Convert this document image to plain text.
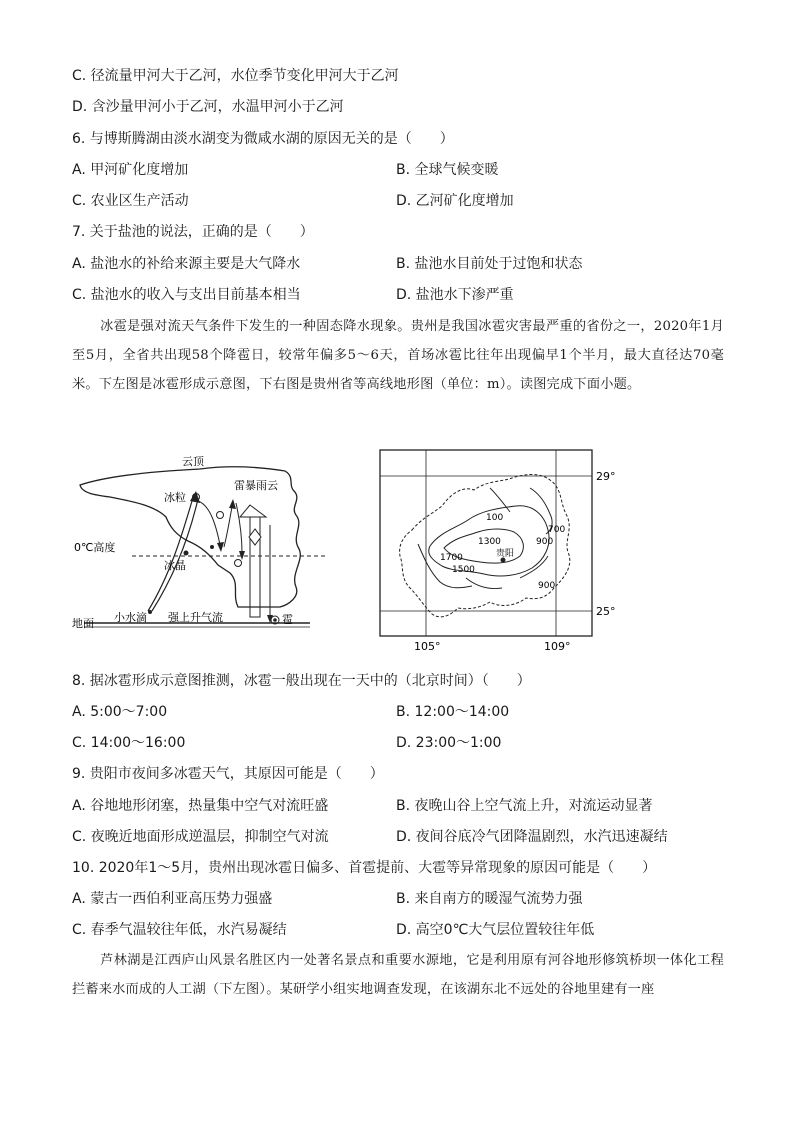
C. 径流量甲河大于乙河，水位季节变化甲河大于乙河
D. 含沙量甲河小于乙河，水温甲河小于乙河
6. 与博斯腾湖由淡水湖变为微咸水湖的原因无关的是（　　）
A. 甲河矿化度增加	B. 全球气候变暖
C. 农业区生产活动	D. 乙河矿化度增加
7. 关于盐池的说法，正确的是（　　）
A. 盐池水的补给来源主要是大气降水	B. 盐池水目前处于过饱和状态
C. 盐池水的收入与支出目前基本相当	D. 盐池水下渗严重
冰雹是强对流天气条件下发生的一种固态降水现象。贵州是我国冰雹灾害最严重的省份之一，2020年1月至5月，全省共出现58个降雹日，较常年偏多5～6天，首场冰雹比往年出现偏早1个半月，最大直径达70毫米。下左图是冰雹形成示意图，下右图是贵州省等高线地形图（单位：m）。读图完成下面小题。
云顶
雷暴雨云
冰粒
0℃高度
冰晶
小水滴 强上升气流
地面	雹
700
100
1300	900
1700
1500
贵阳
900
29°
25°
105°	109°
8. 据冰雹形成示意图推测，冰雹一般出现在一天中的（北京时间）（　　）
A. 5:00～7:00	B. 12:00～14:00
C. 14:00～16:00	D. 23:00～1:00
9. 贵阳市夜间多冰雹天气，其原因可能是（　　）
A. 谷地地形闭塞，热量集中空气对流旺盛	B. 夜晚山谷上空气流上升，对流运动显著
C. 夜晚近地面形成逆温层，抑制空气对流	D. 夜间谷底冷气团降温剧烈，水汽迅速凝结
10. 2020年1～5月，贵州出现冰雹日偏多、首雹提前、大雹等异常现象的原因可能是（　　）
A. 蒙古一西伯利亚高压势力强盛	B. 来自南方的暖湿气流势力强
C. 春季气温较往年低，水汽易凝结	D. 高空0℃大气层位置较往年低
芦林湖是江西庐山风景名胜区内一处著名景点和重要水源地，它是利用原有河谷地形修筑桥坝一体化工程拦蓄来水而成的人工湖（下左图）。某研学小组实地调查发现，在该湖东北不远处的谷地里建有一座
